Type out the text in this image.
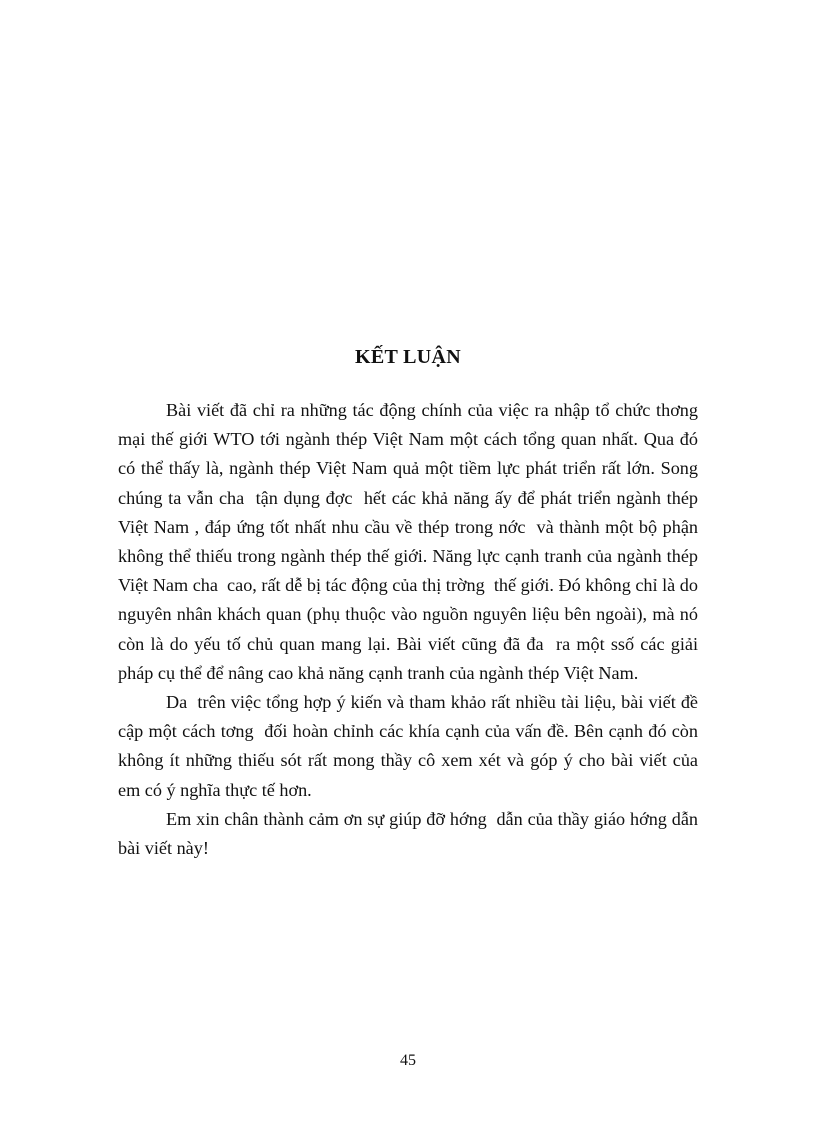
KẾT LUẬN

Bài viết đã chỉ ra những tác động chính của việc ra nhập tổ chức thơng  mại thế giới WTO tới ngành thép Việt Nam một cách tổng quan nhất. Qua đó có thể thấy là, ngành thép Việt Nam quả một tiềm lực phát triển rất lớn. Song chúng ta vẫn cha  tận dụng đợc  hết các khả năng ấy để phát triển ngành thép Việt Nam , đáp ứng tốt nhất nhu cầu về thép trong nớc  và thành một bộ phận không thể thiếu trong ngành thép thế giới. Năng lực cạnh tranh của ngành thép Việt Nam cha  cao, rất dễ bị tác động của thị trờng  thế giới. Đó không chỉ là do nguyên nhân khách quan (phụ thuộc vào nguồn nguyên liệu bên ngoài), mà nó còn là do yếu tố chủ quan mang lại. Bài viết cũng đã đa  ra một ssố các giải pháp cụ thể để nâng cao khả năng cạnh tranh của ngành thép Việt Nam.

Da  trên việc tổng hợp ý kiến và tham khảo rất nhiều tài liệu, bài viết đề cập một cách tơng  đối hoàn chỉnh các khía cạnh của vấn đề. Bên cạnh đó còn không ít những thiếu sót rất mong thầy cô xem xét và góp ý cho bài viết của em có ý nghĩa thực tế hơn.

Em xin chân thành cảm ơn sự giúp đỡ hớng  dẫn của thầy giáo hớng dẫn bài viết này!

45
